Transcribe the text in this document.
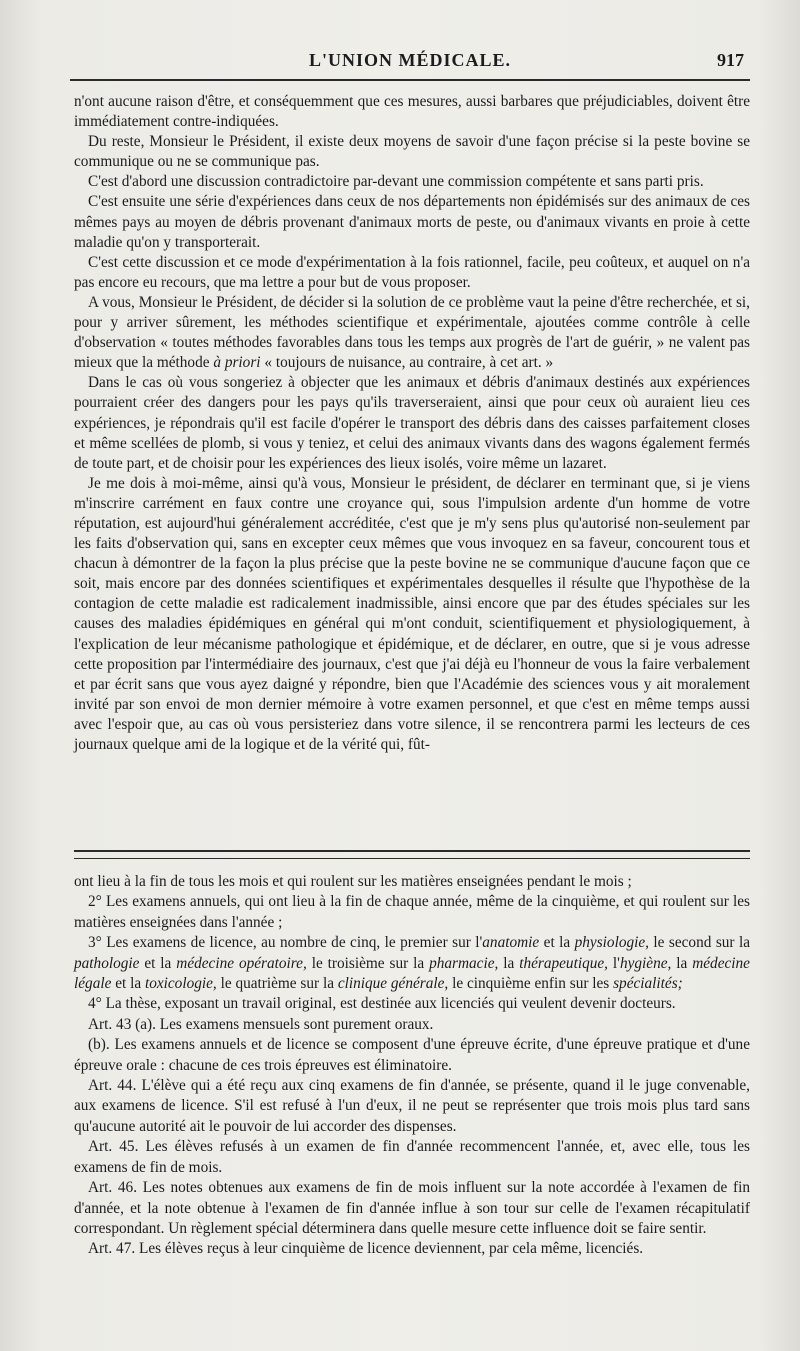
L'UNION MÉDICALE.	917

n'ont aucune raison d'être, et conséquemment que ces mesures, aussi barbares que préjudiciables, doivent être immédiatement contre-indiquées.

Du reste, Monsieur le Président, il existe deux moyens de savoir d'une façon précise si la peste bovine se communique ou ne se communique pas.

C'est d'abord une discussion contradictoire par-devant une commission compétente et sans parti pris.

C'est ensuite une série d'expériences dans ceux de nos départements non épidémisés sur des animaux de ces mêmes pays au moyen de débris provenant d'animaux morts de peste, ou d'animaux vivants en proie à cette maladie qu'on y transporterait.

C'est cette discussion et ce mode d'expérimentation à la fois rationnel, facile, peu coûteux, et auquel on n'a pas encore eu recours, que ma lettre a pour but de vous proposer.

A vous, Monsieur le Président, de décider si la solution de ce problème vaut la peine d'être recherchée, et si, pour y arriver sûrement, les méthodes scientifique et expérimentale, ajoutées comme contrôle à celle d'observation « toutes méthodes favorables dans tous les temps aux progrès de l'art de guérir, » ne valent pas mieux que la méthode à priori « toujours de nuisance, au contraire, à cet art. »

Dans le cas où vous songeriez à objecter que les animaux et débris d'animaux destinés aux expériences pourraient créer des dangers pour les pays qu'ils traverseraient, ainsi que pour ceux où auraient lieu ces expériences, je répondrais qu'il est facile d'opérer le transport des débris dans des caisses parfaitement closes et même scellées de plomb, si vous y teniez, et celui des animaux vivants dans des wagons également fermés de toute part, et de choisir pour les expériences des lieux isolés, voire même un lazaret.

Je me dois à moi-même, ainsi qu'à vous, Monsieur le président, de déclarer en terminant que, si je viens m'inscrire carrément en faux contre une croyance qui, sous l'impulsion ardente d'un homme de votre réputation, est aujourd'hui généralement accréditée, c'est que je m'y sens plus qu'autorisé non-seulement par les faits d'observation qui, sans en excepter ceux mêmes que vous invoquez en sa faveur, concourent tous et chacun à démontrer de la façon la plus précise que la peste bovine ne se communique d'aucune façon que ce soit, mais encore par des données scientifiques et expérimentales desquelles il résulte que l'hypothèse de la contagion de cette maladie est radicalement inadmissible, ainsi encore que par des études spéciales sur les causes des maladies épidémiques en général qui m'ont conduit, scientifiquement et physiologiquement, à l'explication de leur mécanisme pathologique et épidémique, et de déclarer, en outre, que si je vous adresse cette proposition par l'intermédiaire des journaux, c'est que j'ai déjà eu l'honneur de vous la faire verbalement et par écrit sans que vous ayez daigné y répondre, bien que l'Académie des sciences vous y ait moralement invité par son envoi de mon dernier mémoire à votre examen personnel, et que c'est en même temps aussi avec l'espoir que, au cas où vous persisteriez dans votre silence, il se rencontrera parmi les lecteurs de ces journaux quelque ami de la logique et de la vérité qui, fût-

ont lieu à la fin de tous les mois et qui roulent sur les matières enseignées pendant le mois ;

2° Les examens annuels, qui ont lieu à la fin de chaque année, même de la cinquième, et qui roulent sur les matières enseignées dans l'année ;

3° Les examens de licence, au nombre de cinq, le premier sur l'anatomie et la physiologie, le second sur la pathologie et la médecine opératoire, le troisième sur la pharmacie, la thérapeutique, l'hygiène, la médecine légale et la toxicologie, le quatrième sur la clinique générale, le cinquième enfin sur les spécialités;

4° La thèse, exposant un travail original, est destinée aux licenciés qui veulent devenir docteurs.

Art. 43 (a). Les examens mensuels sont purement oraux.

(b). Les examens annuels et de licence se composent d'une épreuve écrite, d'une épreuve pratique et d'une épreuve orale : chacune de ces trois épreuves est éliminatoire.

Art. 44. L'élève qui a été reçu aux cinq examens de fin d'année, se présente, quand il le juge convenable, aux examens de licence. S'il est refusé à l'un d'eux, il ne peut se représenter que trois mois plus tard sans qu'aucune autorité ait le pouvoir de lui accorder des dispenses.

Art. 45. Les élèves refusés à un examen de fin d'année recommencent l'année, et, avec elle, tous les examens de fin de mois.

Art. 46. Les notes obtenues aux examens de fin de mois influent sur la note accordée à l'examen de fin d'année, et la note obtenue à l'examen de fin d'année influe à son tour sur celle de l'examen récapitulatif correspondant. Un règlement spécial déterminera dans quelle mesure cette influence doit se faire sentir.

Art. 47. Les élèves reçus à leur cinquième de licence deviennent, par cela même, licenciés.
